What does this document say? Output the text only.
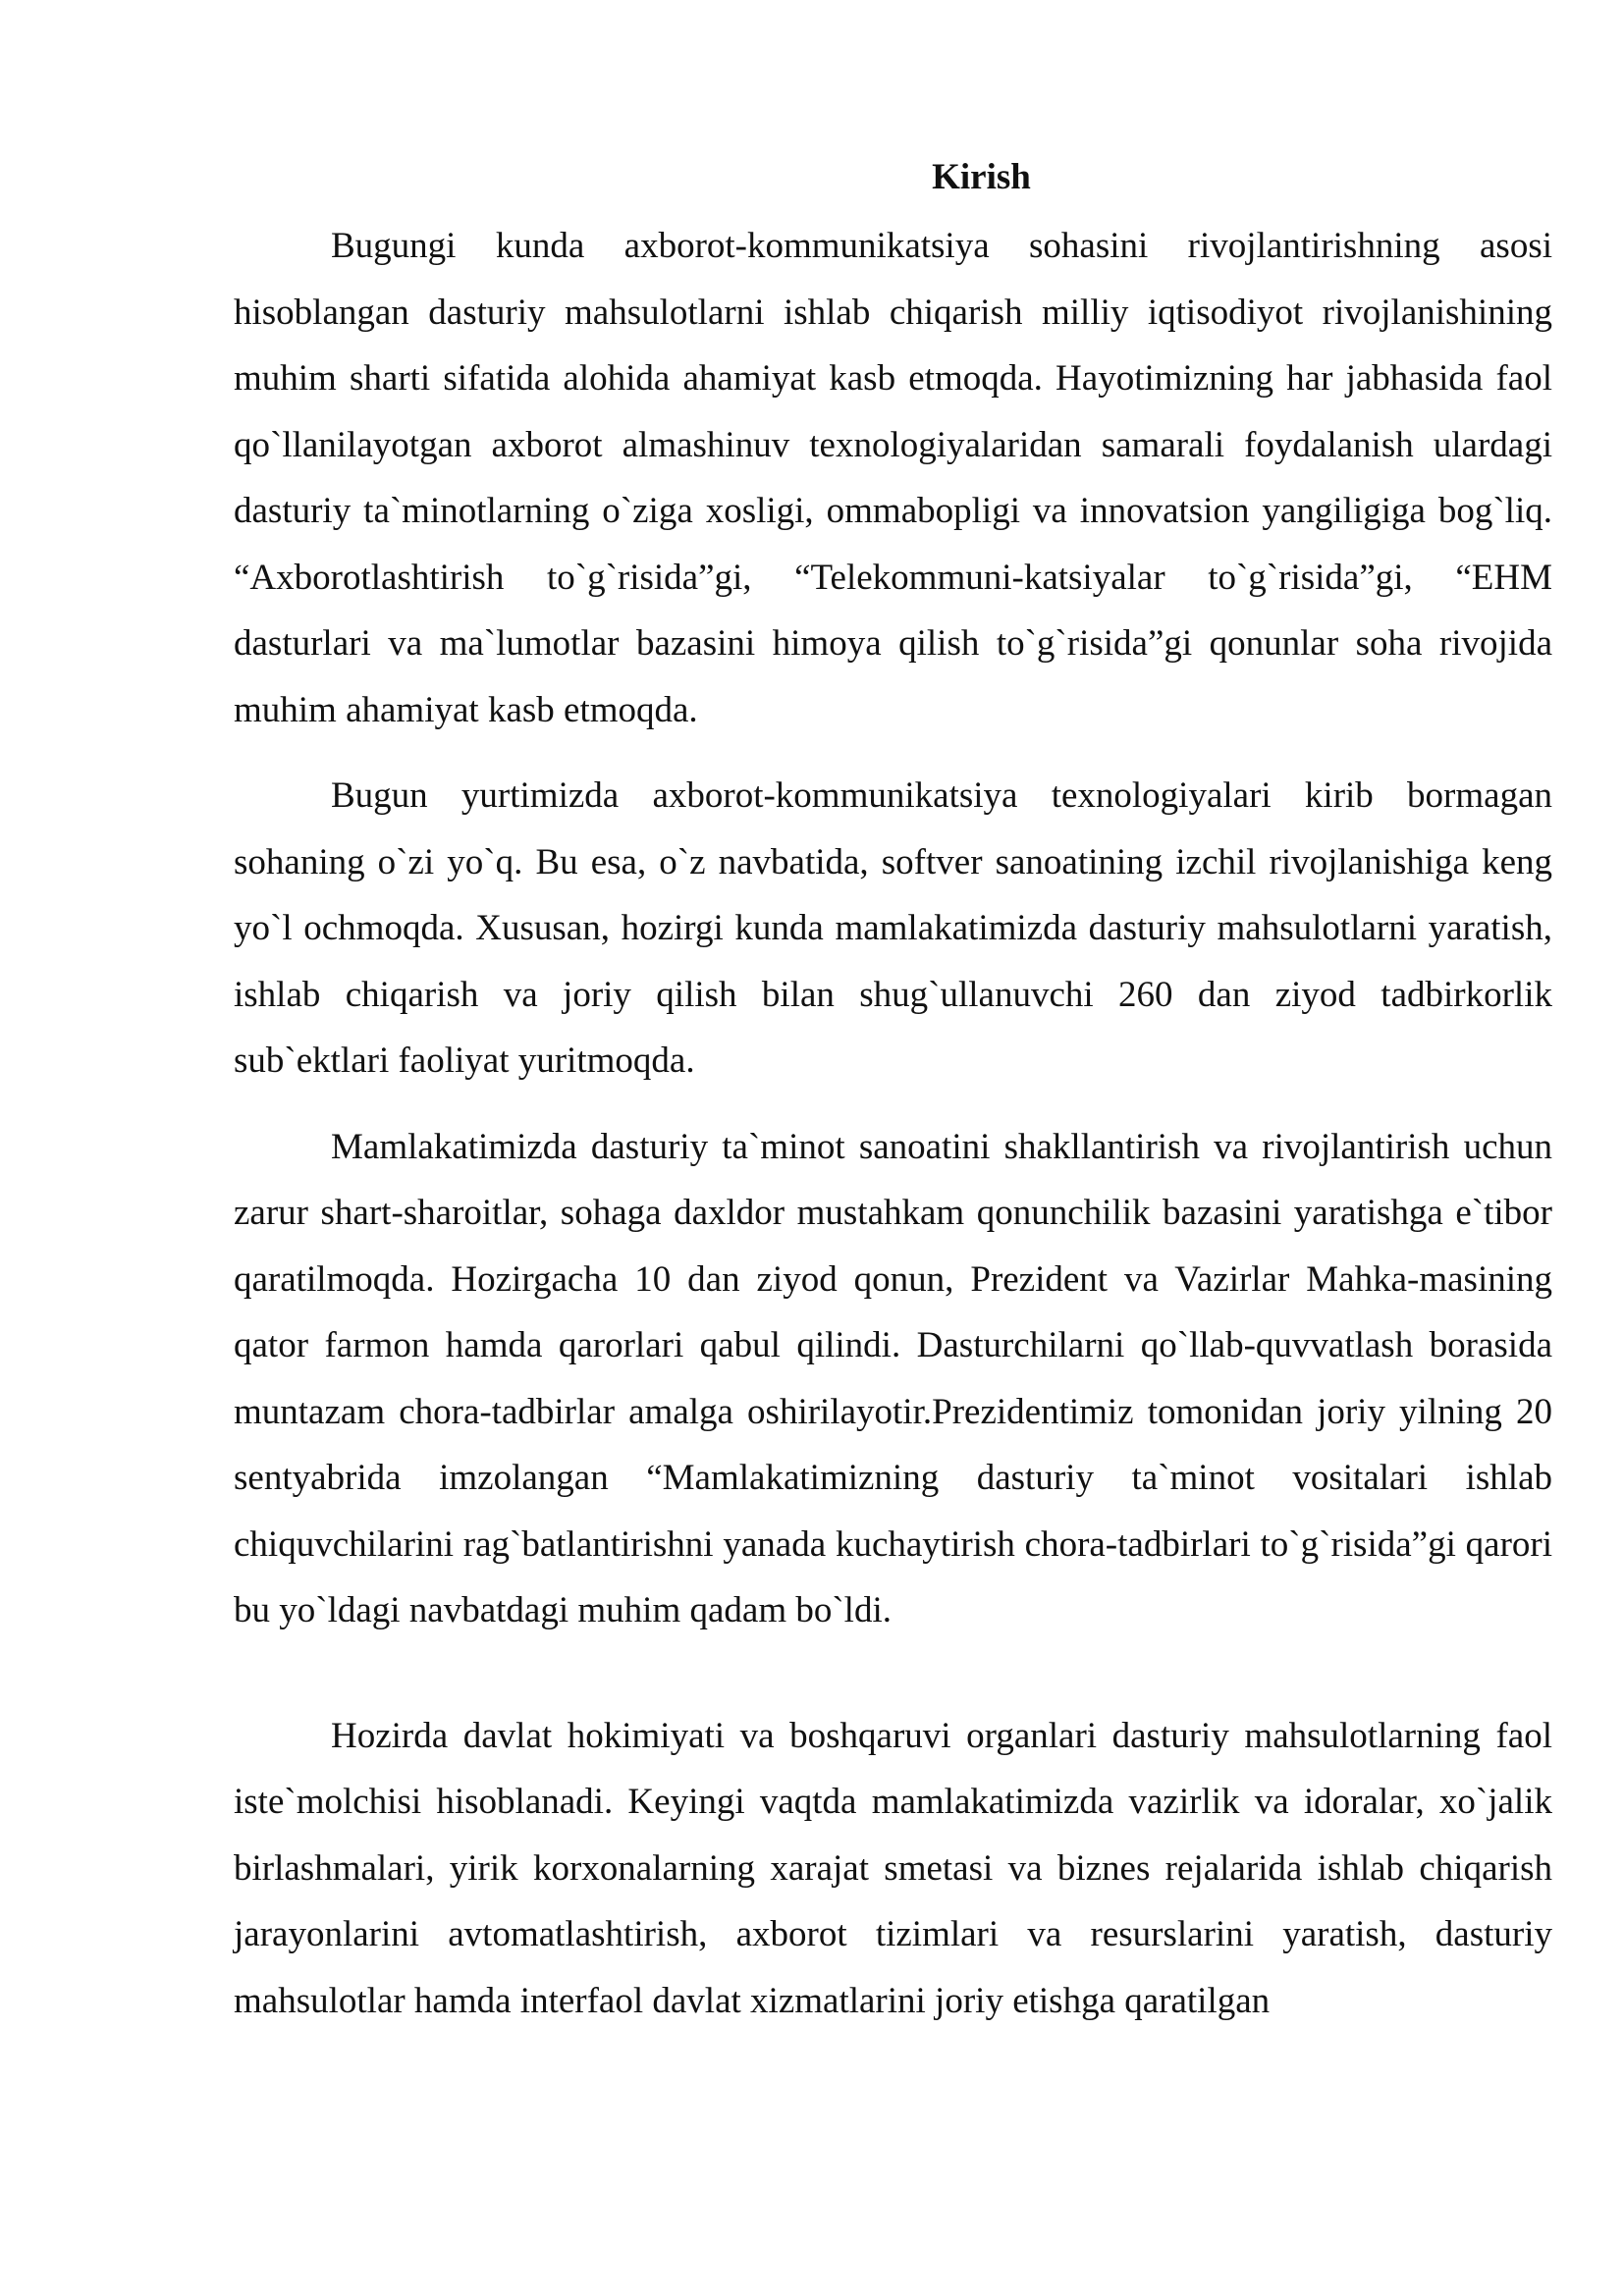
Kirish

Bugungi kunda axborot-kommunikatsiya sohasini rivojlantirishning asosi hisoblangan dasturiy mahsulotlarni ishlab chiqarish milliy iqtisodiyot rivojlanishining muhim sharti sifatida alohida ahamiyat kasb etmoqda. Hayotimizning har jabhasida faol qo`llanilayotgan axborot almashinuv texnologiyalaridan samarali foydalanish ulardagi dasturiy ta`minotlarning o`ziga xosligi, ommabopligi va innovatsion yangiligiga bog`liq. “Axborotlashtirish to`g`risida”gi, “Telekommuni-katsiyalar to`g`risida”gi, “EHM dasturlari va ma`lumotlar bazasini himoya qilish to`g`risida”gi qonunlar soha rivojida muhim ahamiyat kasb etmoqda.

Bugun yurtimizda axborot-kommunikatsiya texnologiyalari kirib bormagan sohaning o`zi yo`q. Bu esa, o`z navbatida, softver sanoatining izchil rivojlanishiga keng yo`l ochmoqda. Xususan, hozirgi kunda mamlakatimizda dasturiy mahsulotlarni yaratish, ishlab chiqarish va joriy qilish bilan shug`ullanuvchi 260 dan ziyod tadbirkorlik sub`ektlari faoliyat yuritmoqda.

Mamlakatimizda dasturiy ta`minot sanoatini shakllantirish va rivojlantirish uchun zarur shart-sharoitlar, sohaga daxldor mustahkam qonunchilik bazasini yaratishga e`tibor qaratilmoqda. Hozirgacha 10 dan ziyod qonun, Prezident va Vazirlar Mahka-masining qator farmon hamda qarorlari qabul qilindi. Dasturchilarni qo`llab-quvvatlash borasida muntazam chora-tadbirlar amalga oshirilayotir.Prezidentimiz tomonidan joriy yilning 20 sentyabrida imzolangan “Mamlakatimizning dasturiy ta`minot vositalari ishlab chiquvchilarini rag`batlantirishni yanada kuchaytirish chora-tadbirlari to`g`risida”gi qarori bu yo`ldagi navbatdagi muhim qadam bo`ldi.

Hozirda davlat hokimiyati va boshqaruvi organlari dasturiy mahsulotlarning faol iste`molchisi hisoblanadi. Keyingi vaqtda mamlakatimizda vazirlik va idoralar, xo`jalik birlashmalari, yirik korxonalarning xarajat smetasi va biznes rejalarida ishlab chiqarish jarayonlarini avtomatlashtirish, axborot tizimlari va resurslarini yaratish, dasturiy mahsulotlar hamda interfaol davlat xizmatlarini joriy etishga qaratilgan
